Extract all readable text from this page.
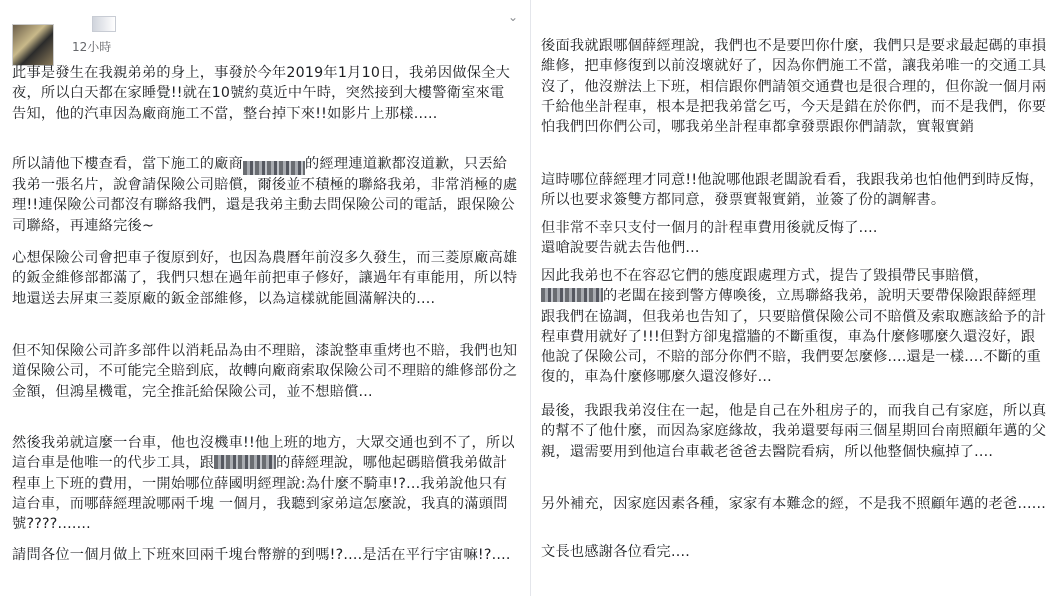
12小時

此事是發生在我親弟弟的身上，事發於今年2019年1月10日，我弟因做保全大夜，所以白天都在家睡覺!!就在10號約莫近中午時，突然接到大樓警衛室來電告知，他的汽車因為廠商施工不當，整台掉下來!!如影片上那樣.....

所以請他下樓查看，當下施工的廠商	的經理連道歉都沒道歉，只丟給我弟一張名片，說會請保險公司賠償，爾後並不積極的聯絡我弟，非常消極的處理!!連保險公司都沒有聯絡我們，還是我弟主動去問保險公司的電話，跟保險公司聯絡，再連絡完後~

心想保險公司會把車子復原到好，也因為農曆年前沒多久發生，而三菱原廠高雄的鈑金維修部都滿了，我們只想在過年前把車子修好，讓過年有車能用，所以特地還送去屏東三菱原廠的鈑金部維修，以為這樣就能圓滿解決的....

但不知保險公司許多部件以消耗品為由不理賠，漆說整車重烤也不賠，我們也知道保險公司，不可能完全賠到底，故轉向廠商索取保險公司不理賠的維修部份之金額，但鴻星機電，完全推託給保險公司，並不想賠償...

然後我弟就這麼一台車，他也沒機車!!他上班的地方，大眾交通也到不了，所以這台車是他唯一的代步工具，跟	的薛經理說，哪他起碼賠償我弟做計程車上下班的費用，一開始哪位薛國明經理說:為什麼不騎車!?...我弟說他只有這台車，而哪薛經理說哪兩千塊 一個月，我聽到家弟這怎麼說，我真的滿頭問號????.......

請問各位一個月做上下班來回兩千塊台幣辦的到嗎!?....是活在平行宇宙嘛!?....

⌄

後面我就跟哪個薛經理說，我們也不是要凹你什麼，我們只是要求最起碼的車損維修，把車修復到以前沒壞就好了，因為你們施工不當，讓我弟唯一的交通工具沒了，他沒辦法上下班，相信跟你們請領交通費也是很合理的，但你說一個月兩千給他坐計程車，根本是把我弟當乞丐，今天是錯在於你們，而不是我們，你要怕我們凹你們公司，哪我弟坐計程車都拿發票跟你們請款，實報實銷

這時哪位薛經理才同意!!他說哪他跟老闆說看看，我跟我弟也怕他們到時反悔，所以也要求簽雙方都同意，發票實報實銷，並簽了份的調解書。

但非常不幸只支付一個月的計程車費用後就反悔了....
還嗆說要告就去告他們...

因此我弟也不在容忍它們的態度跟處理方式，提告了毀損帶民事賠償，的老闆在接到警方傳喚後，立馬聯絡我弟，說明天要帶保險跟薛經理跟我們在協調，但我弟也告知了，只要賠償保險公司不賠償及索取應該給予的計程車費用就好了!!!但對方卻鬼擋牆的不斷重復，車為什麼修哪麼久還沒好，跟他說了保險公司，不賠的部分你們不賠，我們要怎麼修....還是一樣....不斷的重復的，車為什麼修哪麼久還沒修好...

最後，我跟我弟沒住在一起，他是自己在外租房子的，而我自己有家庭，所以真的幫不了他什麼，而因為家庭緣故，我弟還要每兩三個星期回台南照顧年邁的父親，還需要用到他這台車載老爸爸去醫院看病，所以他整個快瘋掉了....

另外補充，因家庭因素各種，家家有本難念的經，不是我不照顧年邁的老爸......

文長也感謝各位看完....
